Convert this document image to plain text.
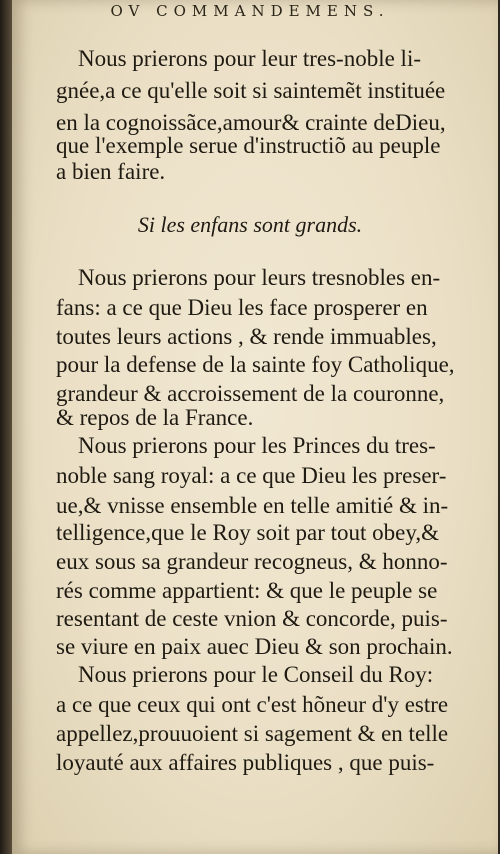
OV COMMANDEMENS.

Nous prierons pour leur tres-noble li-

gnée,a ce qu'elle soit si saintemẽt instituée

en la cognoissãce,amour& crainte deDieu,

que l'exemple serue d'instructiõ au peuple

a bien faire.

Si les enfans sont grands.

Nous prierons pour leurs tresnobles en-

fans: a ce que Dieu les face prosperer en

toutes leurs actions , & rende immuables,

pour la defense de la sainte foy Catholique,

grandeur & accroissement de la couronne,

& repos de la France.

Nous prierons pour les Princes du tres-

noble sang royal: a ce que Dieu les preser-

ue,& vnisse ensemble en telle amitié & in-

telligence,que le Roy soit par tout obey,&

eux sous sa grandeur recogneus, & honno-

rés comme appartient: & que le peuple se

resentant de ceste vnion & concorde, puis-

se viure en paix auec Dieu & son prochain.

Nous prierons pour le Conseil du Roy:

a ce que ceux qui ont c'est hõneur d'y estre

appellez,prouuoient si sagement & en telle

loyauté aux affaires publiques , que puis-
